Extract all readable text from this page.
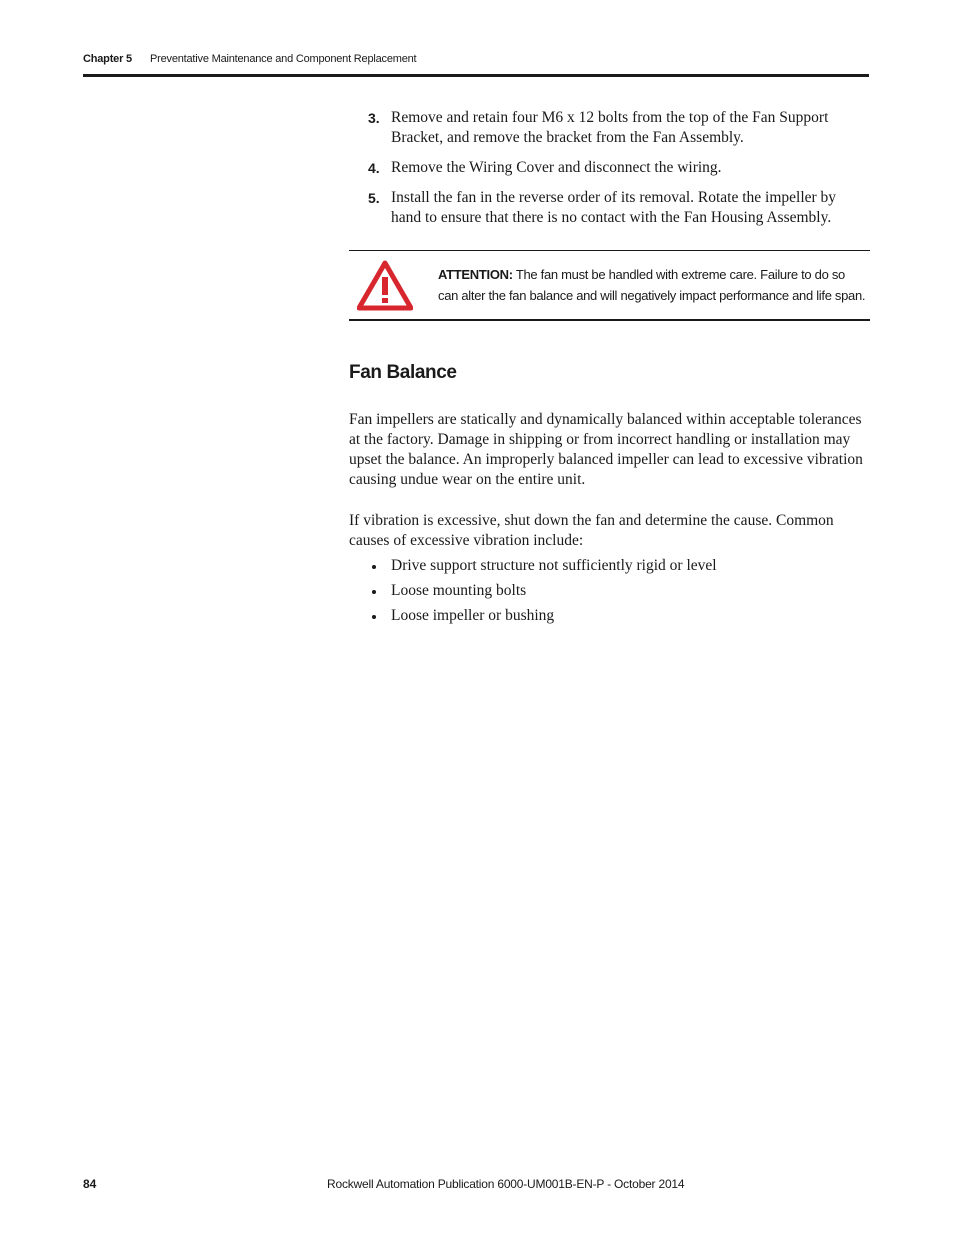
Chapter 5 Preventative Maintenance and Component Replacement
3. Remove and retain four M6 x 12 bolts from the top of the Fan Support Bracket, and remove the bracket from the Fan Assembly.
4. Remove the Wiring Cover and disconnect the wiring.
5. Install the fan in the reverse order of its removal. Rotate the impeller by hand to ensure that there is no contact with the Fan Housing Assembly.
ATTENTION: The fan must be handled with extreme care. Failure to do so can alter the fan balance and will negatively impact performance and life span.
Fan Balance
Fan impellers are statically and dynamically balanced within acceptable tolerances at the factory. Damage in shipping or from incorrect handling or installation may upset the balance. An improperly balanced impeller can lead to excessive vibration causing undue wear on the entire unit.
If vibration is excessive, shut down the fan and determine the cause. Common causes of excessive vibration include:
Drive support structure not sufficiently rigid or level
Loose mounting bolts
Loose impeller or bushing
84	Rockwell Automation Publication 6000-UM001B-EN-P - October 2014
